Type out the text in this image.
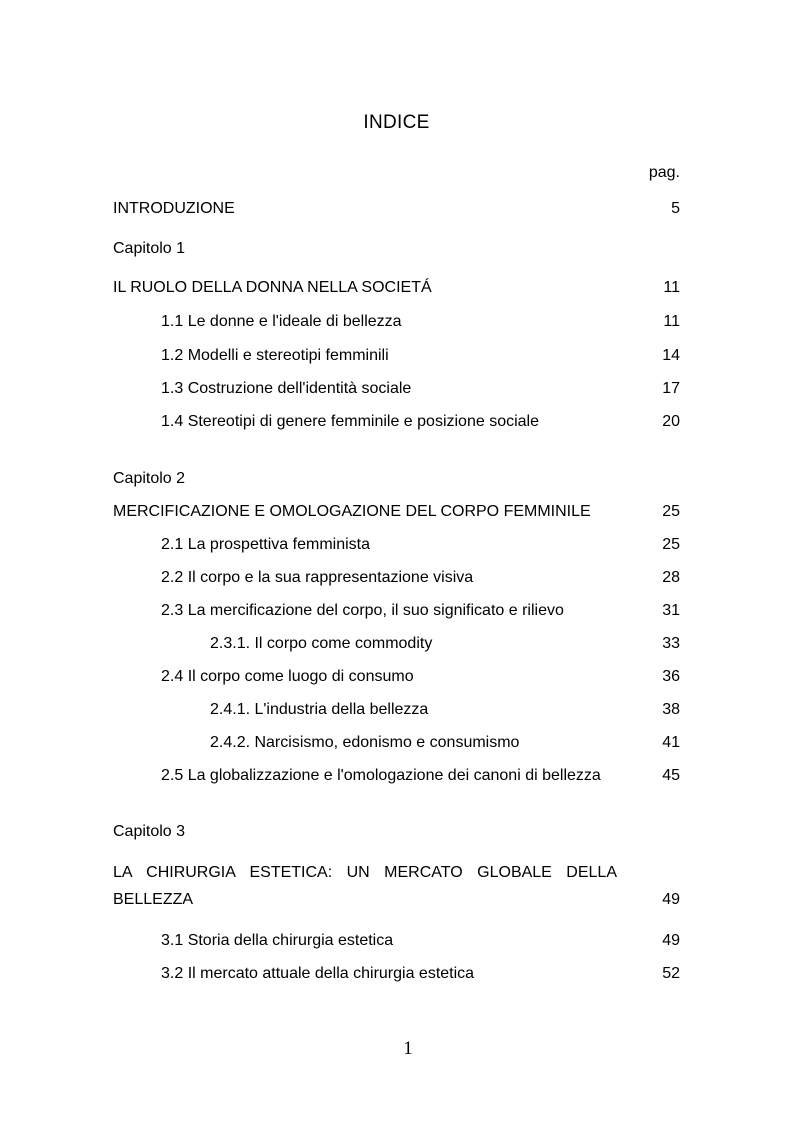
INDICE
pag.
INTRODUZIONE	5
Capitolo 1
IL RUOLO DELLA DONNA NELLA SOCIETÁ	11
1.1 Le donne e l'ideale di bellezza	11
1.2 Modelli e stereotipi femminili	14
1.3 Costruzione dell'identità sociale	17
1.4 Stereotipi di genere femminile e posizione sociale	20
Capitolo 2
MERCIFICAZIONE E OMOLOGAZIONE DEL CORPO FEMMINILE	25
2.1 La prospettiva femminista	25
2.2 Il corpo e la sua rappresentazione visiva	28
2.3 La mercificazione del corpo, il suo significato e rilievo	31
2.3.1. Il corpo come commodity	33
2.4 Il corpo come luogo di consumo	36
2.4.1. L'industria della bellezza	38
2.4.2. Narcisismo, edonismo e consumismo	41
2.5 La globalizzazione e l'omologazione dei canoni di bellezza	45
Capitolo 3
LA CHIRURGIA ESTETICA: UN MERCATO GLOBALE DELLA
BELLEZZA	49
3.1 Storia della chirurgia estetica	49
3.2 Il mercato attuale della chirurgia estetica	52
1
